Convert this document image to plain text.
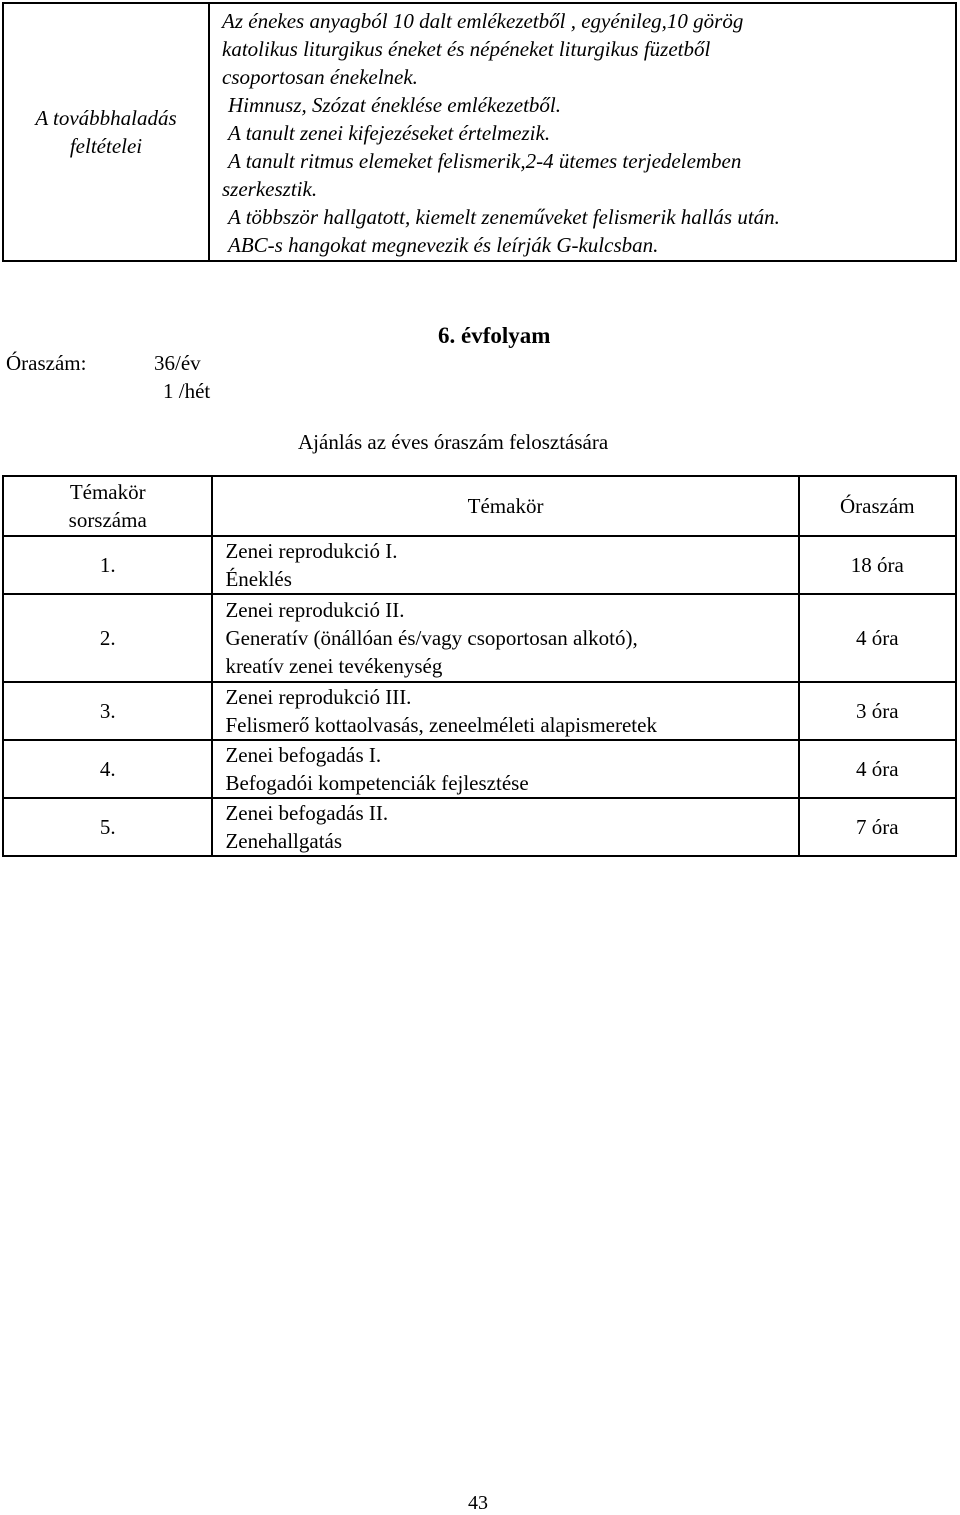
A továbbhaladás
feltételei

Az énekes anyagból 10 dalt emlékezetből , egyénileg,10 görög
katolikus liturgikus éneket és népéneket liturgikus füzetből
csoportosan énekelnek.
Himnusz, Szózat éneklése emlékezetből.
A tanult zenei kifejezéseket értelmezik.
A tanult ritmus elemeket felismerik,2-4 ütemes terjedelemben
szerkesztik.
A többször hallgatott, kiemelt zeneműveket felismerik hallás után.
ABC-s hangokat megnevezik és leírják G-kulcsban.
Óraszám:	36/év
1 /hét
6. évfolyam
Ajánlás az éves óraszám felosztására
Témakör
sorszáma	Témakör	Óraszám
1.	Zenei reprodukció I.
Éneklés	18 óra
2.	Zenei reprodukció II.
Generatív (önállóan és/vagy csoportosan alkotó),
kreatív zenei tevékenység	4 óra
3.	Zenei reprodukció III.
Felismerő kottaolvasás, zeneelméleti alapismeretek	3 óra
4.	Zenei befogadás I.
Befogadói kompetenciák fejlesztése	4 óra
5.	Zenei befogadás II.
Zenehallgatás	7 óra
43
